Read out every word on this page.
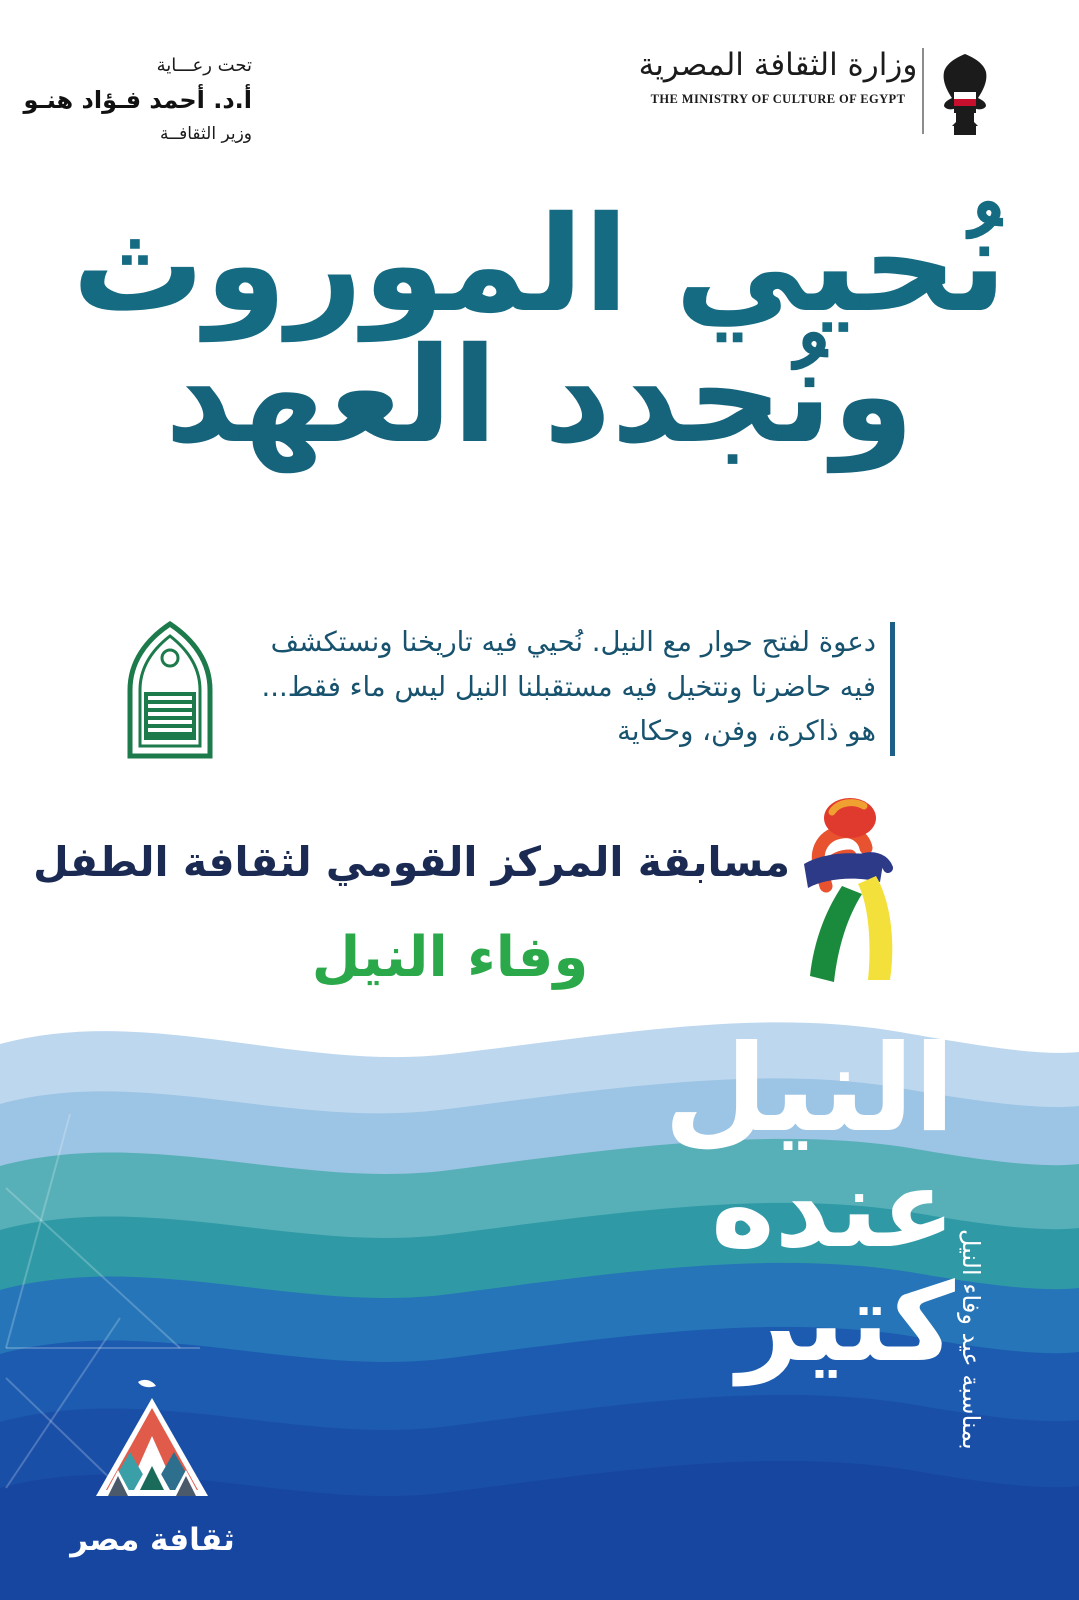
تحت رعـــاية
أ.د. أحمد فـؤاد هنـو
وزير الثقافــة
وزارة الثقافة المصرية
THE MINISTRY OF CULTURE OF EGYPT
نُحيي الموروث
ونُجدد العهد
دعوة لفتح حوار مع النيل. نُحيي فيه تاريخنا ونستكشف فيه حاضرنا ونتخيل فيه مستقبلنا النيل ليس ماء فقط... هو ذاكرة، وفن، وحكاية
مسابقة المركز القومي لثقافة الطفل
وفاء النيل
بمناسبة عيد وفاء النيل
النيل
عنده
كتير
ثقافة مصر
